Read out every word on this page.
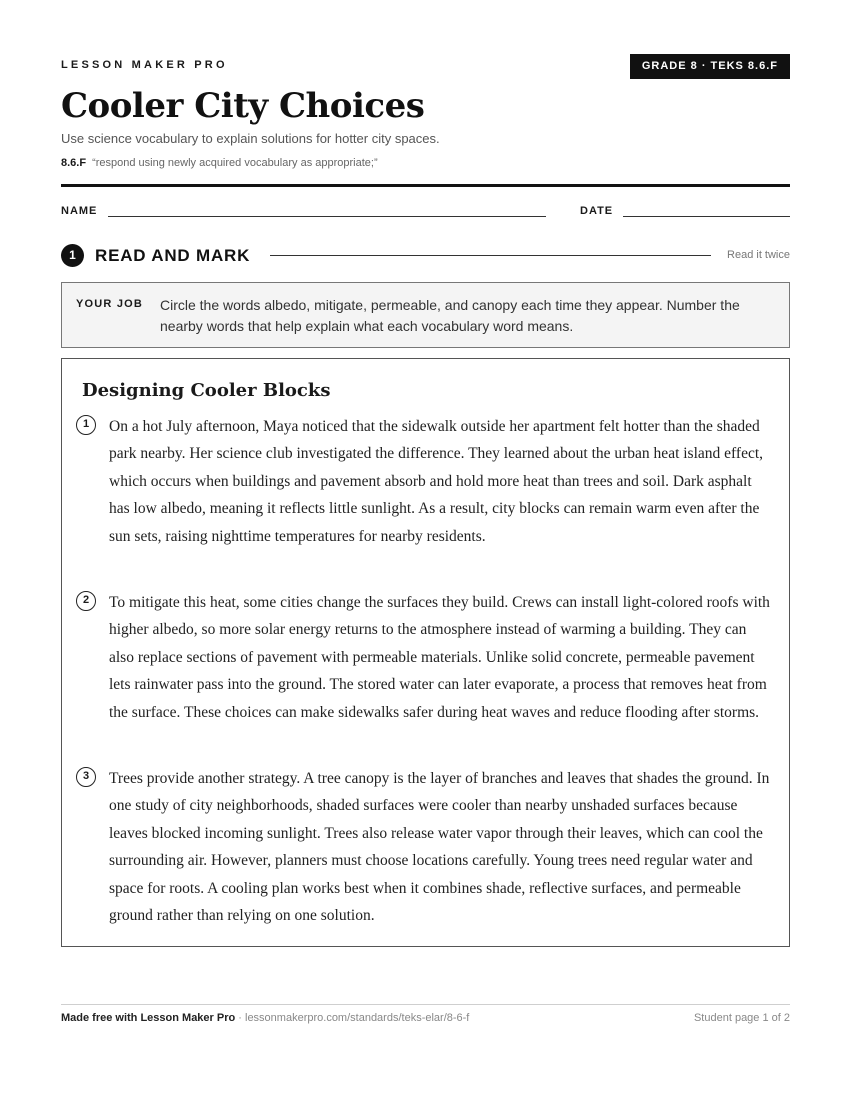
LESSON MAKER PRO	GRADE 8 · TEKS 8.6.F
Cooler City Choices
Use science vocabulary to explain solutions for hotter city spaces.
8.6.F “respond using newly acquired vocabulary as appropriate;”
NAME	DATE
1	READ AND MARK	Read it twice
YOUR JOB Circle the words albedo, mitigate, permeable, and canopy each time they appear. Number the nearby words that help explain what each vocabulary word means.
Designing Cooler Blocks
1	On a hot July afternoon, Maya noticed that the sidewalk outside her apartment felt hotter than the shaded park nearby. Her science club investigated the difference. They learned about the urban heat island effect, which occurs when buildings and pavement absorb and hold more heat than trees and soil. Dark asphalt has low albedo, meaning it reflects little sunlight. As a result, city blocks can remain warm even after the sun sets, raising nighttime temperatures for nearby residents.

2	To mitigate this heat, some cities change the surfaces they build. Crews can install light-colored roofs with higher albedo, so more solar energy returns to the atmosphere instead of warming a building. They can also replace sections of pavement with permeable materials. Unlike solid concrete, permeable pavement lets rainwater pass into the ground. The stored water can later evaporate, a process that removes heat from the surface. These choices can make sidewalks safer during heat waves and reduce flooding after storms.

3	Trees provide another strategy. A tree canopy is the layer of branches and leaves that shades the ground. In one study of city neighborhoods, shaded surfaces were cooler than nearby unshaded surfaces because leaves blocked incoming sunlight. Trees also release water vapor through their leaves, which can cool the surrounding air. However, planners must choose locations carefully. Young trees need regular water and space for roots. A cooling plan works best when it combines shade, reflective surfaces, and permeable ground rather than relying on one solution.

Made free with Lesson Maker Pro · lessonmakerpro.com/standards/teks-elar/8-6-f	Student page 1 of 2
